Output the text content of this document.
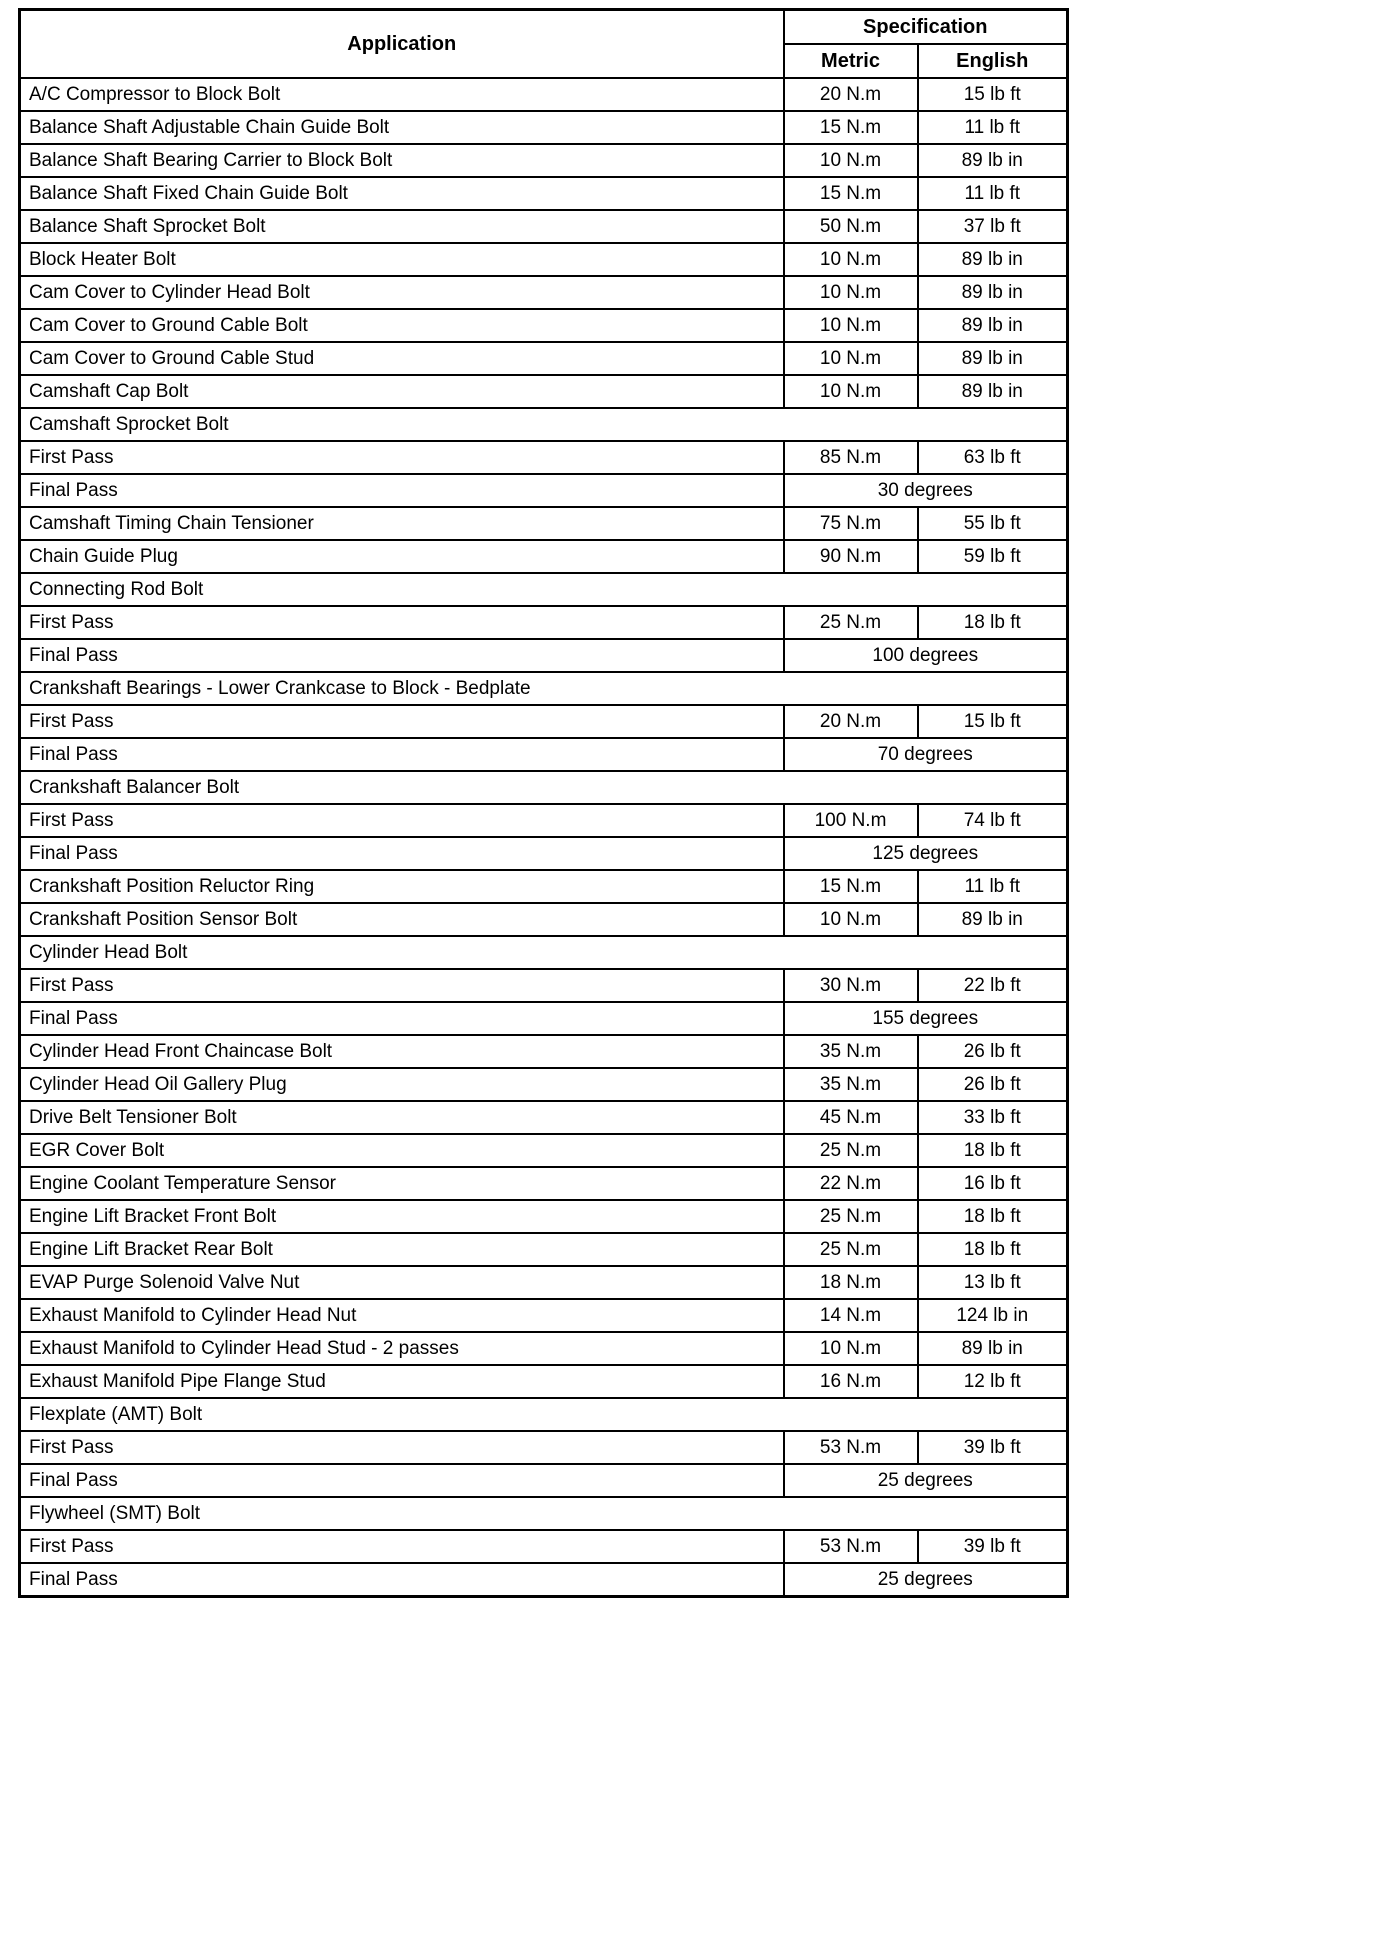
Application	Specification	
	Metric	English
A/C Compressor to Block Bolt	20 N.m	15 lb ft
Balance Shaft Adjustable Chain Guide Bolt	15 N.m	11 lb ft
Balance Shaft Bearing Carrier to Block Bolt	10 N.m	89 lb in
Balance Shaft Fixed Chain Guide Bolt	15 N.m	11 lb ft
Balance Shaft Sprocket Bolt	50 N.m	37 lb ft
Block Heater Bolt	10 N.m	89 lb in
Cam Cover to Cylinder Head Bolt	10 N.m	89 lb in
Cam Cover to Ground Cable Bolt	10 N.m	89 lb in
Cam Cover to Ground Cable Stud	10 N.m	89 lb in
Camshaft Cap Bolt	10 N.m	89 lb in
Camshaft Sprocket Bolt		
First Pass	85 N.m	63 lb ft
Final Pass	30 degrees	
Camshaft Timing Chain Tensioner	75 N.m	55 lb ft
Chain Guide Plug	90 N.m	59 lb ft
Connecting Rod Bolt		
First Pass	25 N.m	18 lb ft
Final Pass	100 degrees	
Crankshaft Bearings - Lower Crankcase to Block - Bedplate		
First Pass	20 N.m	15 lb ft
Final Pass	70 degrees	
Crankshaft Balancer Bolt		
First Pass	100 N.m	74 lb ft
Final Pass	125 degrees	
Crankshaft Position Reluctor Ring	15 N.m	11 lb ft
Crankshaft Position Sensor Bolt	10 N.m	89 lb in
Cylinder Head Bolt		
First Pass	30 N.m	22 lb ft
Final Pass	155 degrees	
Cylinder Head Front Chaincase Bolt	35 N.m	26 lb ft
Cylinder Head Oil Gallery Plug	35 N.m	26 lb ft
Drive Belt Tensioner Bolt	45 N.m	33 lb ft
EGR Cover Bolt	25 N.m	18 lb ft
Engine Coolant Temperature Sensor	22 N.m	16 lb ft
Engine Lift Bracket Front Bolt	25 N.m	18 lb ft
Engine Lift Bracket Rear Bolt	25 N.m	18 lb ft
EVAP Purge Solenoid Valve Nut	18 N.m	13 lb ft
Exhaust Manifold to Cylinder Head Nut	14 N.m	124 lb in
Exhaust Manifold to Cylinder Head Stud - 2 passes	10 N.m	89 lb in
Exhaust Manifold Pipe Flange Stud	16 N.m	12 lb ft
Flexplate (AMT) Bolt		
First Pass	53 N.m	39 lb ft
Final Pass	25 degrees	
Flywheel (SMT) Bolt		
First Pass	53 N.m	39 lb ft
Final Pass	25 degrees	
